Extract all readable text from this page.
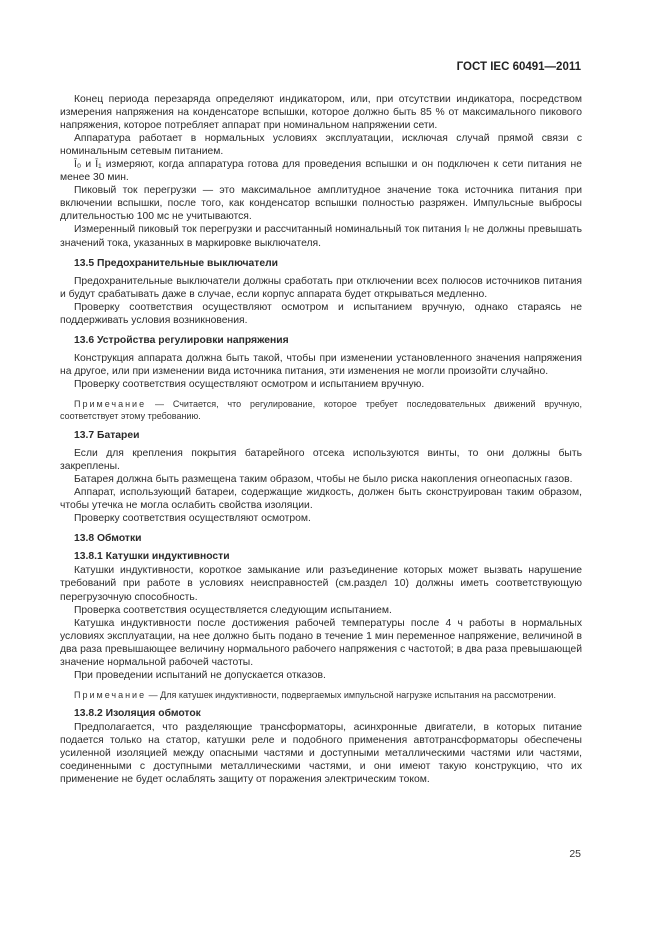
ГОСТ IEC 60491—2011

Конец периода перезаряда определяют индикатором, или, при отсутствии индикатора, посредством измерения напряжения на конденсаторе вспышки, которое должно быть 85 % от максимального пикового напряжения, которое потребляет аппарат при номинальном напряжении сети.

Аппаратура работает в нормальных условиях эксплуатации, исключая случай прямой связи с номинальным сетевым питанием.

Ī₀ и Ī₁ измеряют, когда аппаратура готова для проведения вспышки и он подключен к сети питания не менее 30 мин.

Пиковый ток перегрузки — это максимальное амплитудное значение тока источника питания при включении вспышки, после того, как конденсатор вспышки полностью разряжен. Импульсные выбросы длительностью 100 мс не учитываются.

Измеренный пиковый ток перегрузки и рассчитанный номинальный ток питания Iᵣ не должны превышать значений тока, указанных в маркировке выключателя.

13.5 Предохранительные выключатели

Предохранительные выключатели должны сработать при отключении всех полюсов источников питания и будут срабатывать даже в случае, если корпус аппарата будет открываться медленно.

Проверку соответствия осуществляют осмотром и испытанием вручную, однако стараясь не поддерживать условия возникновения.

13.6 Устройства регулировки напряжения

Конструкция аппарата должна быть такой, чтобы при изменении установленного значения напряжения на другое, или при изменении вида источника питания, эти изменения не могли произойти случайно.

Проверку соответствия осуществляют осмотром и испытанием вручную.

Примечание — Считается, что регулирование, которое требует последовательных движений вручную, соответствует этому требованию.

13.7 Батареи

Если для крепления покрытия батарейного отсека используются винты, то они должны быть закреплены.

Батарея должна быть размещена таким образом, чтобы не было риска накопления огнеопасных газов.

Аппарат, использующий батареи, содержащие жидкость, должен быть сконструирован таким образом, чтобы утечка не могла ослабить свойства изоляции.

Проверку соответствия осуществляют осмотром.

13.8 Обмотки
13.8.1 Катушки индуктивности

Катушки индуктивности, короткое замыкание или разъединение которых может вызвать нарушение требований при работе в условиях неисправностей (см.раздел 10) должны иметь соответствующую перегрузочную способность.

Проверка соответствия осуществляется следующим испытанием.

Катушка индуктивности после достижения рабочей температуры после 4 ч работы в нормальных условиях эксплуатации, на нее должно быть подано в течение 1 мин переменное напряжение, величиной в два раза превышающее величину нормального рабочего напряжения с частотой; в два раза превышающей значение нормальной рабочей частоты.

При проведении испытаний не допускается отказов.

Примечание — Для катушек индуктивности, подвергаемых импульсной нагрузке испытания на рассмотрении.

13.8.2 Изоляция обмоток

Предполагается, что разделяющие трансформаторы, асинхронные двигатели, в которых питание подается только на статор, катушки реле и подобного применения автотрансформаторы обеспечены усиленной изоляцией между опасными частями и доступными металлическими частями или частями, соединенными с доступными металлическими частями, и они имеют такую конструкцию, что их применение не будет ослаблять защиту от поражения электрическим током.

25
